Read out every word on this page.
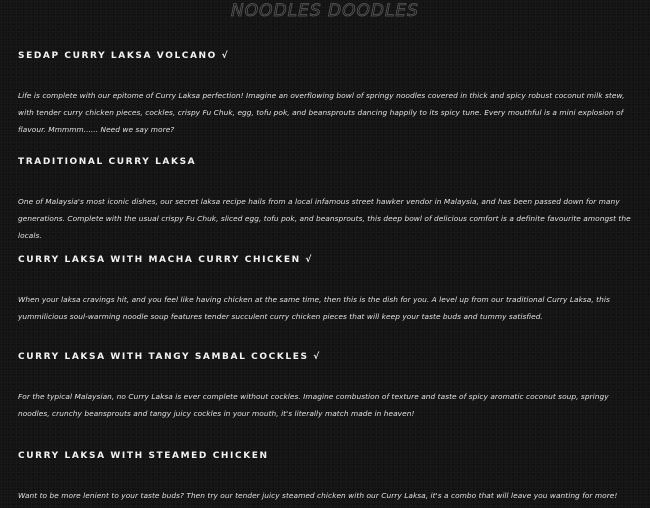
NOODLES DOODLES
SEDAP CURRY LAKSA VOLCANO √
Life is complete with our epitome of Curry Laksa perfection! Imagine an overflowing bowl of springy noodles covered in thick and spicy robust coconut milk stew, with tender curry chicken pieces, cockles, crispy Fu Chuk, egg, tofu pok, and beansprouts dancing happily to its spicy tune. Every mouthful is a mini explosion of flavour. Mmmmm...... Need we say more?
TRADITIONAL CURRY LAKSA
One of Malaysia's most iconic dishes, our secret laksa recipe hails from a local infamous street hawker vendor in Malaysia, and has been passed down for many generations. Complete with the usual crispy Fu Chuk, sliced egg, tofu pok, and beansprouts, this deep bowl of delicious comfort is a definite favourite amongst the locals.
CURRY LAKSA WITH MACHA CURRY CHICKEN √
When your laksa cravings hit, and you feel like having chicken at the same time, then this is the dish for you. A level up from our traditional Curry Laksa, this yummilicious soul-warming noodle soup features tender succulent curry chicken pieces that will keep your taste buds and tummy satisfied.
CURRY LAKSA WITH TANGY SAMBAL COCKLES √
For the typical Malaysian, no Curry Laksa is ever complete without cockles. Imagine combustion of texture and taste of spicy aromatic coconut soup, springy noodles, crunchy beansprouts and tangy juicy cockles in your mouth, it's literally match made in heaven!
CURRY LAKSA WITH STEAMED CHICKEN
Want to be more lenient to your taste buds? Then try our tender juicy steamed chicken with our Curry Laksa, it's a combo that will leave you wanting for more!
